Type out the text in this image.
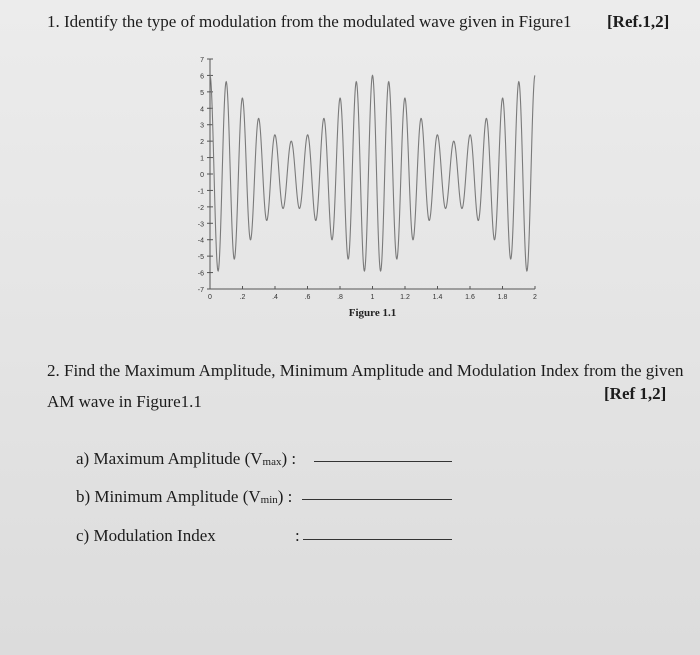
1. Identify the type of modulation from the modulated wave given in Figure1 [Ref.1,2]
7
6
5
4
3
2
1
0
-1
-2
-3
-4
-5
-6
-7
0	.2	.4	.6	.8	1	1.2	1.4	1.6	1.8	2
Figure 1.1
2. Find the Maximum Amplitude, Minimum Amplitude and Modulation Index from the given
AM wave in Figure1.1	[Ref 1,2]
a) Maximum Amplitude $(V_{max})$ :
b) Minimum Amplitude $(V_{min})$ :
c) Modulation Index	:
